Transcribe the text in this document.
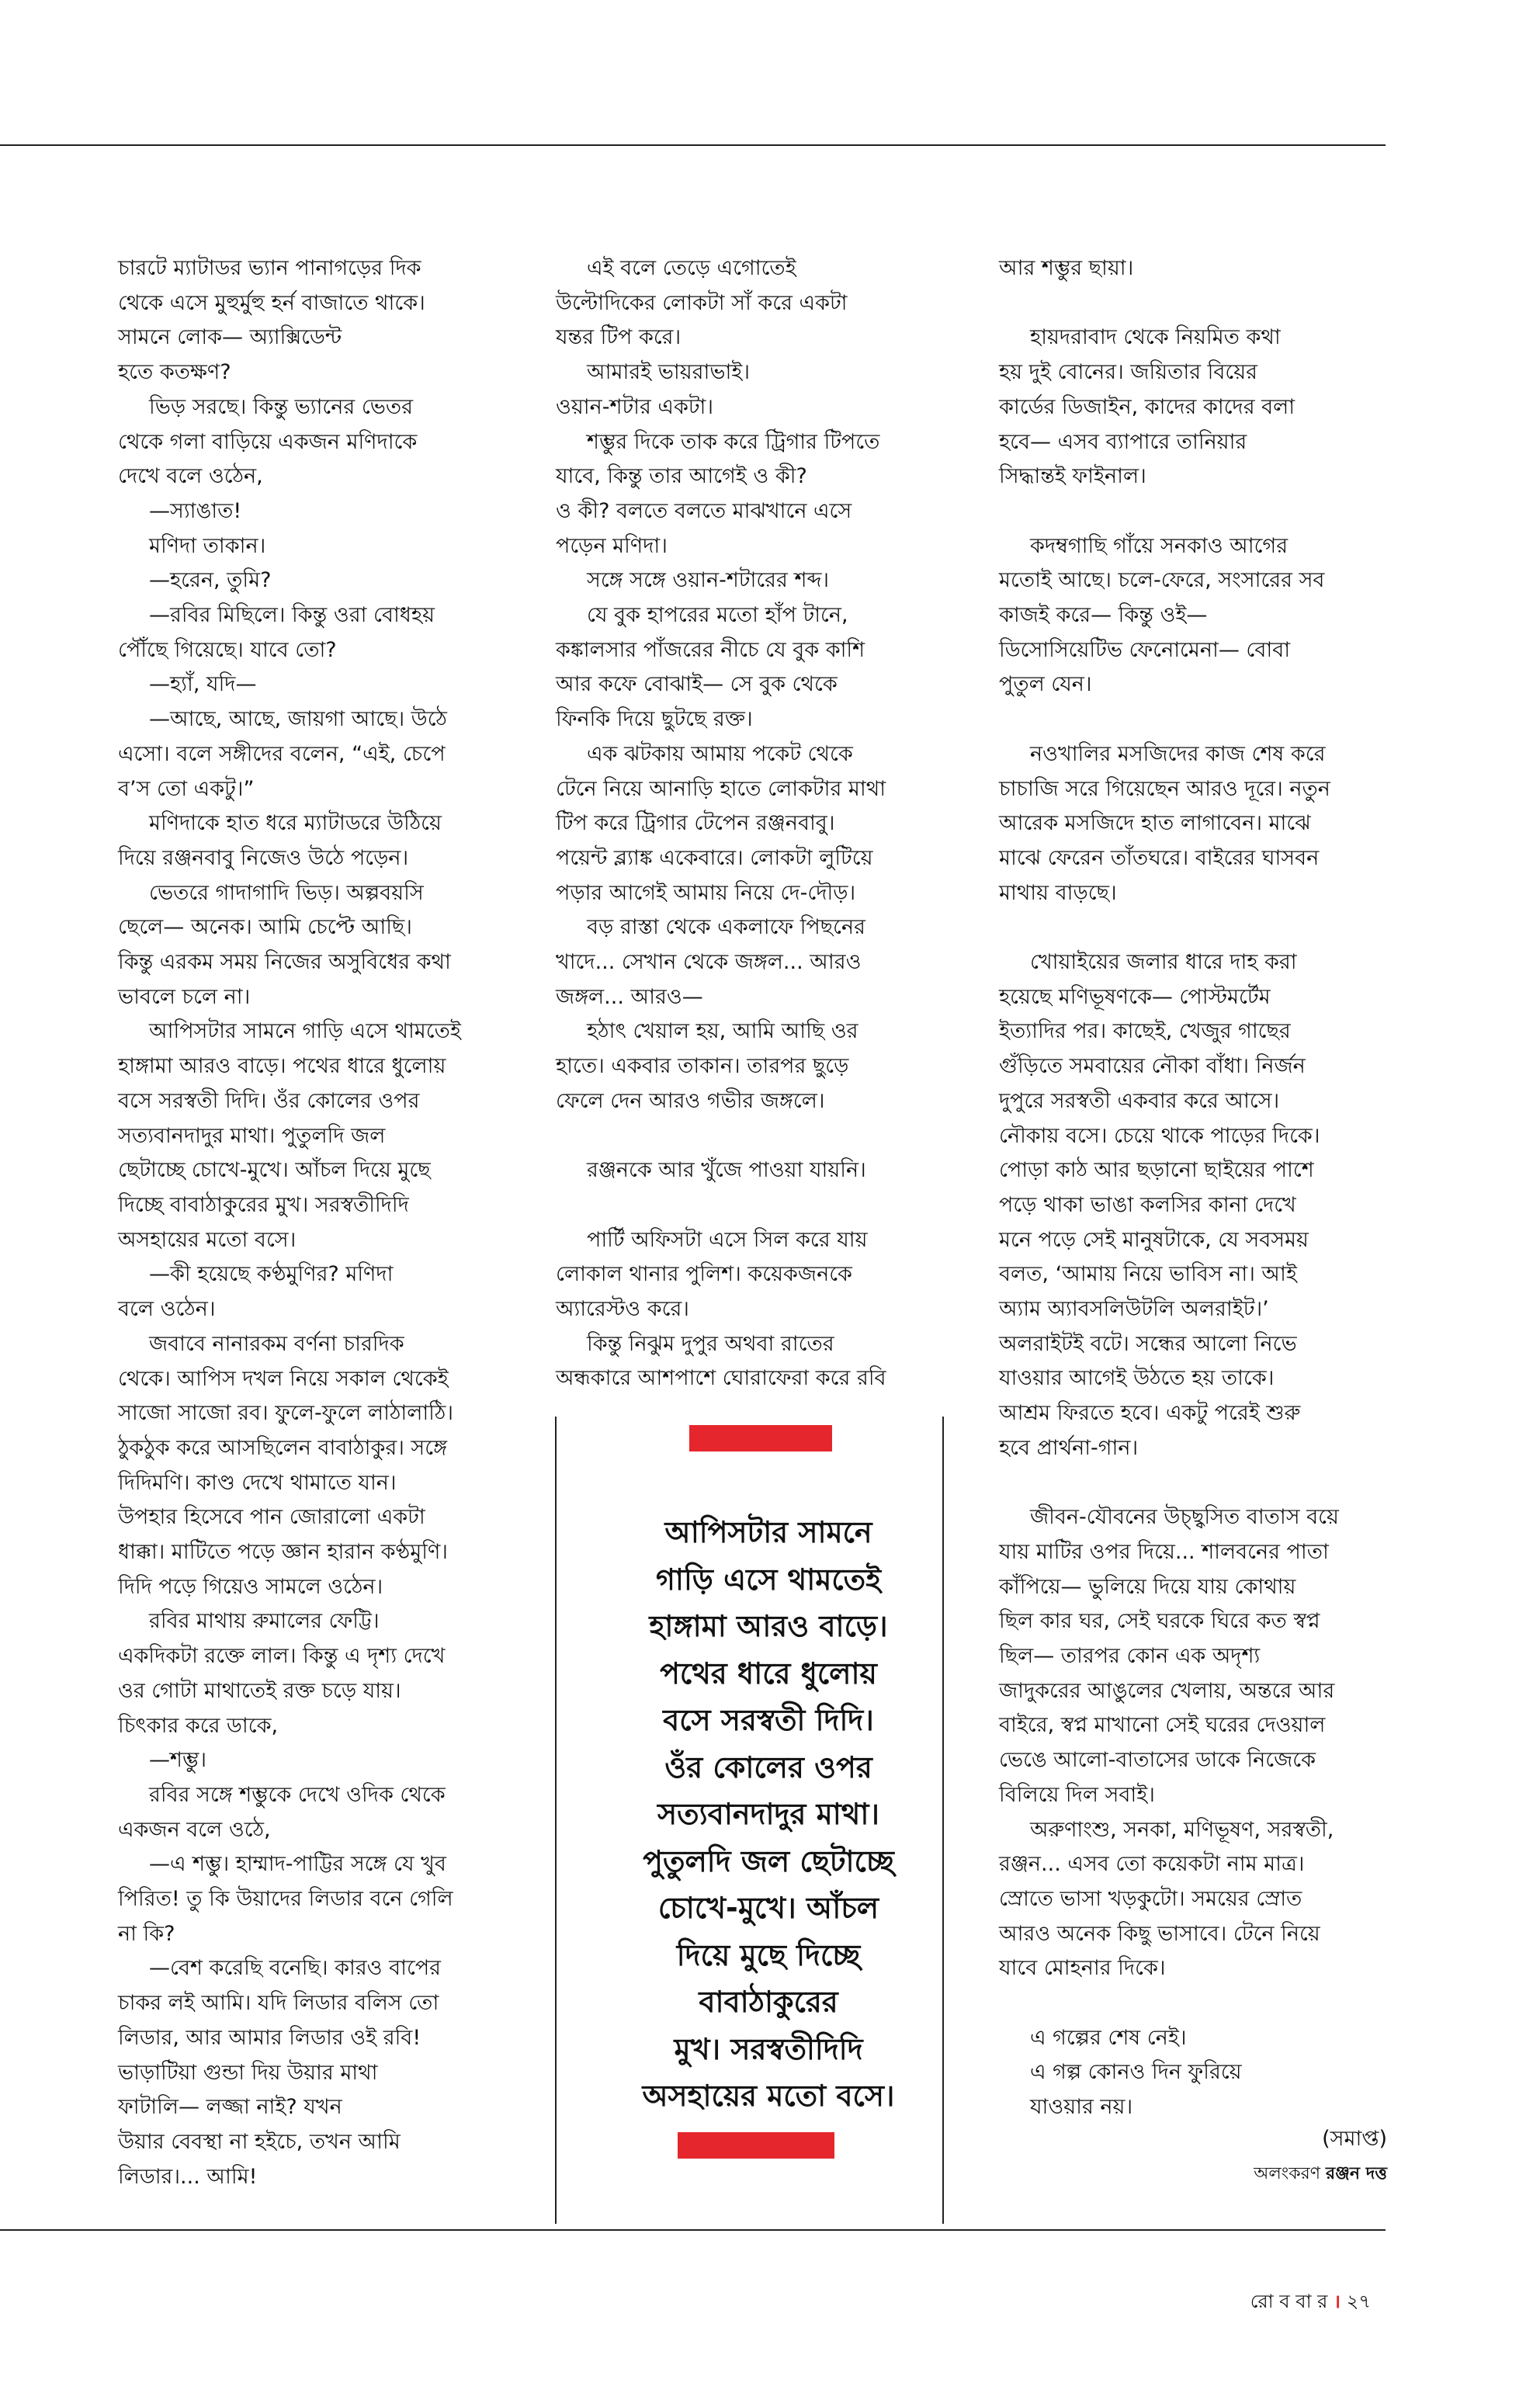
চারটে ম্যাটাডর ভ্যান পানাগড়ের দিক

থেকে এসে মুহুর্মুহু হর্ন বাজাতে থাকে।

সামনে লোক— অ্যাক্সিডেন্ট

হতে কতক্ষণ?

ভিড় সরছে। কিন্তু ভ্যানের ভেতর

থেকে গলা বাড়িয়ে একজন মণিদাকে

দেখে বলে ওঠেন,

—স্যাঙাত!

মণিদা তাকান।

—হরেন, তুমি?

—রবির মিছিলে। কিন্তু ওরা বোধহয়

পৌঁছে গিয়েছে। যাবে তো?

—হ্যাঁ, যদি—

—আছে, আছে, জায়গা আছে। উঠে

এসো। বলে সঙ্গীদের বলেন, “এই, চেপে

ব’স তো একটু।”

মণিদাকে হাত ধরে ম্যাটাডরে উঠিয়ে

দিয়ে রঞ্জনবাবু নিজেও উঠে পড়েন।

ভেতরে গাদাগাদি ভিড়। অল্পবয়সি

ছেলে— অনেক। আমি চেপ্টে আছি।

কিন্তু এরকম সময় নিজের অসুবিধের কথা

ভাবলে চলে না।

আপিসটার সামনে গাড়ি এসে থামতেই

হাঙ্গামা আরও বাড়ে। পথের ধারে ধুলোয়

বসে সরস্বতী দিদি। ওঁর কোলের ওপর

সত্যবানদাদুর মাথা। পুতুলদি জল

ছেটাচ্ছে চোখে-মুখে। আঁচল দিয়ে মুছে

দিচ্ছে বাবাঠাকুরের মুখ। সরস্বতীদিদি

অসহায়ের মতো বসে।

—কী হয়েছে কণ্ঠমুণির? মণিদা

বলে ওঠেন।

জবাবে নানারকম বর্ণনা চারদিক

থেকে। আপিস দখল নিয়ে সকাল থেকেই

সাজো সাজো রব। ফুলে-ফুলে লাঠালাঠি।

ঠুকঠুক করে আসছিলেন বাবাঠাকুর। সঙ্গে

দিদিমণি। কাণ্ড দেখে থামাতে যান।

উপহার হিসেবে পান জোরালো একটা

ধাক্কা। মাটিতে পড়ে জ্ঞান হারান কণ্ঠমুণি।

দিদি পড়ে গিয়েও সামলে ওঠেন।

রবির মাথায় রুমালের ফেট্টি।

একদিকটা রক্তে লাল। কিন্তু এ দৃশ্য দেখে

ওর গোটা মাথাতেই রক্ত চড়ে যায়।

চিৎকার করে ডাকে,

—শম্ভু।

রবির সঙ্গে শম্ভুকে দেখে ওদিক থেকে

একজন বলে ওঠে,

—এ শম্ভু। হাম্মাদ-পাট্টির সঙ্গে যে খুব

পিরিত! তু কি উয়াদের লিডার বনে গেলি

না কি?

—বেশ করেছি বনেছি। কারও বাপের

চাকর লই আমি। যদি লিডার বলিস তো

লিডার, আর আমার লিডার ওই রবি!

ভাড়াটিয়া গুন্ডা দিয় উয়ার মাথা

ফাটালি— লজ্জা নাই? যখন

উয়ার বেবস্থা না হইচে, তখন আমি

লিডার।... আমি!

এই বলে তেড়ে এগোতেই

উল্টোদিকের লোকটা সাঁ করে একটা

যন্তর টিপ করে।

আমারই ভায়রাভাই।

ওয়ান-শটার একটা।

শম্ভুর দিকে তাক করে ট্রিগার টিপতে

যাবে, কিন্তু তার আগেই ও কী?

ও কী? বলতে বলতে মাঝখানে এসে

পড়েন মণিদা।

সঙ্গে সঙ্গে ওয়ান-শটারের শব্দ।

যে বুক হাপরের মতো হাঁপ টানে,

কঙ্কালসার পাঁজরের নীচে যে বুক কাশি

আর কফে বোঝাই— সে বুক থেকে

ফিনকি দিয়ে ছুটছে রক্ত।

এক ঝটকায় আমায় পকেট থেকে

টেনে নিয়ে আনাড়ি হাতে লোকটার মাথা

টিপ করে ট্রিগার টেপেন রঞ্জনবাবু।

পয়েন্ট ব্ল্যাঙ্ক একেবারে। লোকটা লুটিয়ে

পড়ার আগেই আমায় নিয়ে দে-দৌড়।

বড় রাস্তা থেকে একলাফে পিছনের

খাদে... সেখান থেকে জঙ্গল... আরও

জঙ্গল... আরও—

হঠাৎ খেয়াল হয়, আমি আছি ওর

হাতে। একবার তাকান। তারপর ছুড়ে

ফেলে দেন আরও গভীর জঙ্গলে।

রঞ্জনকে আর খুঁজে পাওয়া যায়নি।

পার্টি অফিসটা এসে সিল করে যায়

লোকাল থানার পুলিশ। কয়েকজনকে

অ্যারেস্টও করে।

কিন্তু নিঝুম দুপুর অথবা রাতের

অন্ধকারে আশপাশে ঘোরাফেরা করে রবি

আর শম্ভুর ছায়া।

হায়দরাবাদ থেকে নিয়মিত কথা

হয় দুই বোনের। জয়িতার বিয়ের

কার্ডের ডিজাইন, কাদের কাদের বলা

হবে— এসব ব্যাপারে তানিয়ার

সিদ্ধান্তই ফাইনাল।

কদম্বগাছি গাঁয়ে সনকাও আগের

মতোই আছে। চলে-ফেরে, সংসারের সব

কাজই করে— কিন্তু ওই—

ডিসোসিয়েটিভ ফেনোমেনা— বোবা

পুতুল যেন।

নওখালির মসজিদের কাজ শেষ করে

চাচাজি সরে গিয়েছেন আরও দূরে। নতুন

আরেক মসজিদে হাত লাগাবেন। মাঝে

মাঝে ফেরেন তাঁতঘরে। বাইরের ঘাসবন

মাথায় বাড়ছে।

খোয়াইয়ের জলার ধারে দাহ করা

হয়েছে মণিভূষণকে— পোস্টমর্টেম

ইত্যাদির পর। কাছেই, খেজুর গাছের

গুঁড়িতে সমবায়ের নৌকা বাঁধা। নির্জন

দুপুরে সরস্বতী একবার করে আসে।

নৌকায় বসে। চেয়ে থাকে পাড়ের দিকে।

পোড়া কাঠ আর ছড়ানো ছাইয়ের পাশে

পড়ে থাকা ভাঙা কলসির কানা দেখে

মনে পড়ে সেই মানুষটাকে, যে সবসময়

বলত, ‘আমায় নিয়ে ভাবিস না। আই

অ্যাম অ্যাবসলিউটলি অলরাইট।’

অলরাইটই বটে। সন্ধের আলো নিভে

যাওয়ার আগেই উঠতে হয় তাকে।

আশ্রম ফিরতে হবে। একটু পরেই শুরু

হবে প্রার্থনা-গান।

জীবন-যৌবনের উচ্ছ্বসিত বাতাস বয়ে

যায় মাটির ওপর দিয়ে... শালবনের পাতা

কাঁপিয়ে— ভুলিয়ে দিয়ে যায় কোথায়

ছিল কার ঘর, সেই ঘরকে ঘিরে কত স্বপ্ন

ছিল— তারপর কোন এক অদৃশ্য

জাদুকরের আঙুলের খেলায়, অন্তরে আর

বাইরে, স্বপ্ন মাখানো সেই ঘরের দেওয়াল

ভেঙে আলো-বাতাসের ডাকে নিজেকে

বিলিয়ে দিল সবাই।

অরুণাংশু, সনকা, মণিভূষণ, সরস্বতী,

রঞ্জন... এসব তো কয়েকটা নাম মাত্র।

স্রোতে ভাসা খড়কুটো। সময়ের স্রোত

আরও অনেক কিছু ভাসাবে। টেনে নিয়ে

যাবে মোহনার দিকে।

এ গল্পের শেষ নেই।

এ গল্প কোনও দিন ফুরিয়ে

যাওয়ার নয়।

আপিসটার সামনে

গাড়ি এসে থামতেই

হাঙ্গামা আরও বাড়ে।

পথের ধারে ধুলোয়

বসে সরস্বতী দিদি।

ওঁর কোলের ওপর

সত্যবানদাদুর মাথা।

পুতুলদি জল ছেটাচ্ছে

চোখে-মুখে। আঁচল

দিয়ে মুছে দিচ্ছে

বাবাঠাকুরের

মুখ। সরস্বতীদিদি

অসহায়ের মতো বসে।

(সমাপ্ত)

অলংকরণ রঞ্জন দত্ত

রো ব বা র । ২৭
